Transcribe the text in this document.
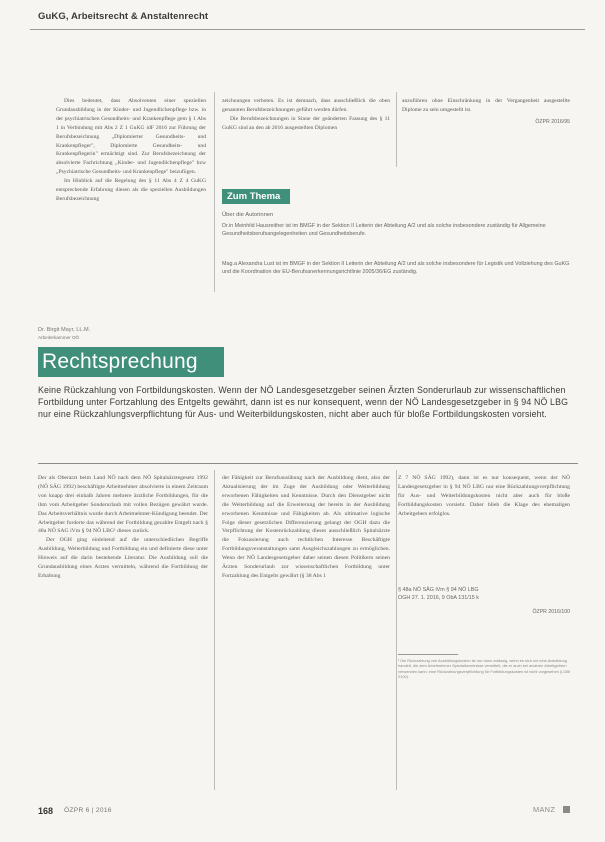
GuKG, Arbeitsrecht & Anstaltenrecht

Dies bedeutet, dass Absolventen einer speziellen Grundausbildung in der Kinder- und Jugendlichenpflege bzw. in der psychiatrischen Gesundheits- und Krankenpflege gem § 1 Abs 1 in Verbindung mit Abs 2 Z 1 GuKG idF 2016 zur Führung der Berufsbezeichnung „Diplomierter Gesundheits- und Krankenpfleger", Diplomierte Gesundheits- und Krankenpflegerin" ermächtigt sind. Zur Berufsbezeichnung der absolvierte Fachrichtung „Kinder- und Jugendlichenpflege" bzw „Psychiatrische Gesundheits- und Krankenpflege" beizufügen.

Im Hinblick auf die Regelung des § 11 Abs 4 Z 4 GuKG entsprechende Erfahrung diesen als die speziellen Ausbildungen Berufsbezeichnung

zeichnungen verboten. Es ist demnach, dass ausschließlich die oben genannten Berufsbezeichnungen geführt werden dürfen.

Die Berufsbezeichnungen in Sinne der geänderten Fassung des § 11 GuKG sind an den ab 2016 ausgestellten Diplomen

anzuführen ohne Einschränkung in der Vergangenheit ausgestellte Diplome zu sein umgestellt ist.

ÖZPR 2016/95

Zum Thema
Über die Autorinnen

Dr.in Meinhild Hausreither ist im BMGF in der Sektion II Leiterin der Abteilung A/2 und als solche insbesondere zuständig für Allgemeine Gesundheitsberufsangelegenheiten und Gesundheitsberufe.

Mag.a Alexandra Lust ist im BMGF in der Sektion II Leiterin der Abteilung A/2 und als solche insbesondere für Legistik und Vollziehung des GuKG und die Koordination der EU-Berufsanerkennungsrichtlinie 2005/36/EG zuständig.

Dr. Birgit Mayr, LL.M.
Arbeiterkammer OÖ
Rechtsprechung
Keine Rückzahlung von Fortbildungskosten. Wenn der NÖ Landesgesetzgeber seinen Ärzten Sonderurlaub zur wissenschaftlichen Fortbildung unter Fortzahlung des Entgelts gewährt, dann ist es nur konsequent, wenn der NÖ Landesgesetzgeber in § 94 NÖ LBG nur eine Rückzahlungsverpflichtung für Aus- und Weiterbildungskosten, nicht aber auch für bloße Fortbildungskosten vorsieht.

Der als Oberarzt beim Land NÖ nach dem NÖ Spitalsärztegesetz 1992 (NÖ SÄG 1992) beschäftigte Arbeitnehmer absolvierte in einem Zeitraum von knapp drei einhalb Jahren mehrere ärztliche Fortbildungen, für die ihm vom Arbeitgeber Sonderurlaub mit vollen Bezügen gewährt wurde. Das Arbeitsverhältnis wurde durch Arbeitnehmer-Kündigung beendet. Der Arbeitgeber forderte das während der Fortbildung gezahlte Entgelt nach § 48a NÖ SAG iVm § 94 NÖ LBG¹ dieses zurück.

Der OGH ging einleitend auf die unterschiedlichen Begriffe Ausbildung, Weiterbildung und Fortbildung ein und definierte diese unter Hinweis auf die darin bestehende Literatur. Die Ausbildung soll die Grundausbildung eines Arztes vermitteln, während die Fortbildung der Erhaltung

der Fähigkeit zur Berufsausübung nach der Ausbildung dient, also der Aktualisierung der im Zuge der Ausbildung oder Weiterbildung erworbenen Fähigkeiten und Kenntnisse. Durch den Dienstgeber nicht die Weiterbildung auf die Erweiterung der bereits in der Ausbildung erworbenen Kenntnisse und Fähigkeiten ab. Als ultimative logische Folge dieser gesetzlichen Differenzierung gelangt der OGH dazu die Verpflichtung der Kostenrückzahlung dieses ausschließlich Spitalsärzte die Fokussierung auch rechtlichen Interesse Beschäftigte Fortbildungsveranstaltungen samt Ausgleichszahlungen zu ermöglichen. Wenn der NÖ Landesgesetzgeber daher seinen diesen Politikern seinen Ärzten Sonderurlaub zur wissenschaftlichen Fortbildung unter Fortzahlung des Entgelts gewährt (§ 38 Abs 1

Z 7 NÖ SÄG 1992), dann ist es nur konsequent, wenn der NÖ Landesgesetzgeber in § 94 NÖ LBG nur eine Rückzahlungsverpflichtung für Aus- und Weiterbildungskosten nicht aber auch für bloße Fortbildungskosten vorsieht. Daher blieb die Klage des ehemaligen Arbeitgebers erfolglos.

§ 48a NÖ SÄG iVm § 94 NÖ LBG

OGH 27. 1. 2016, 9 ObA 131/15 k

ÖZPR 2016/100

¹ Die Rückzahlung von Ausbildungskosten ist nur dann zulässig, wenn es sich um eine Ausbildung handelt, die dem Arbeitnehmer Spezialkenntnisse vermittelt, die er auch bei anderen Arbeitgebern verwenden kann; eine Rückzahlungsverpflichtung für Fortbildungskosten ist nicht vorgesehen (LGBl 2100).

168 ÖZPR 6 | 2016	MANZ
